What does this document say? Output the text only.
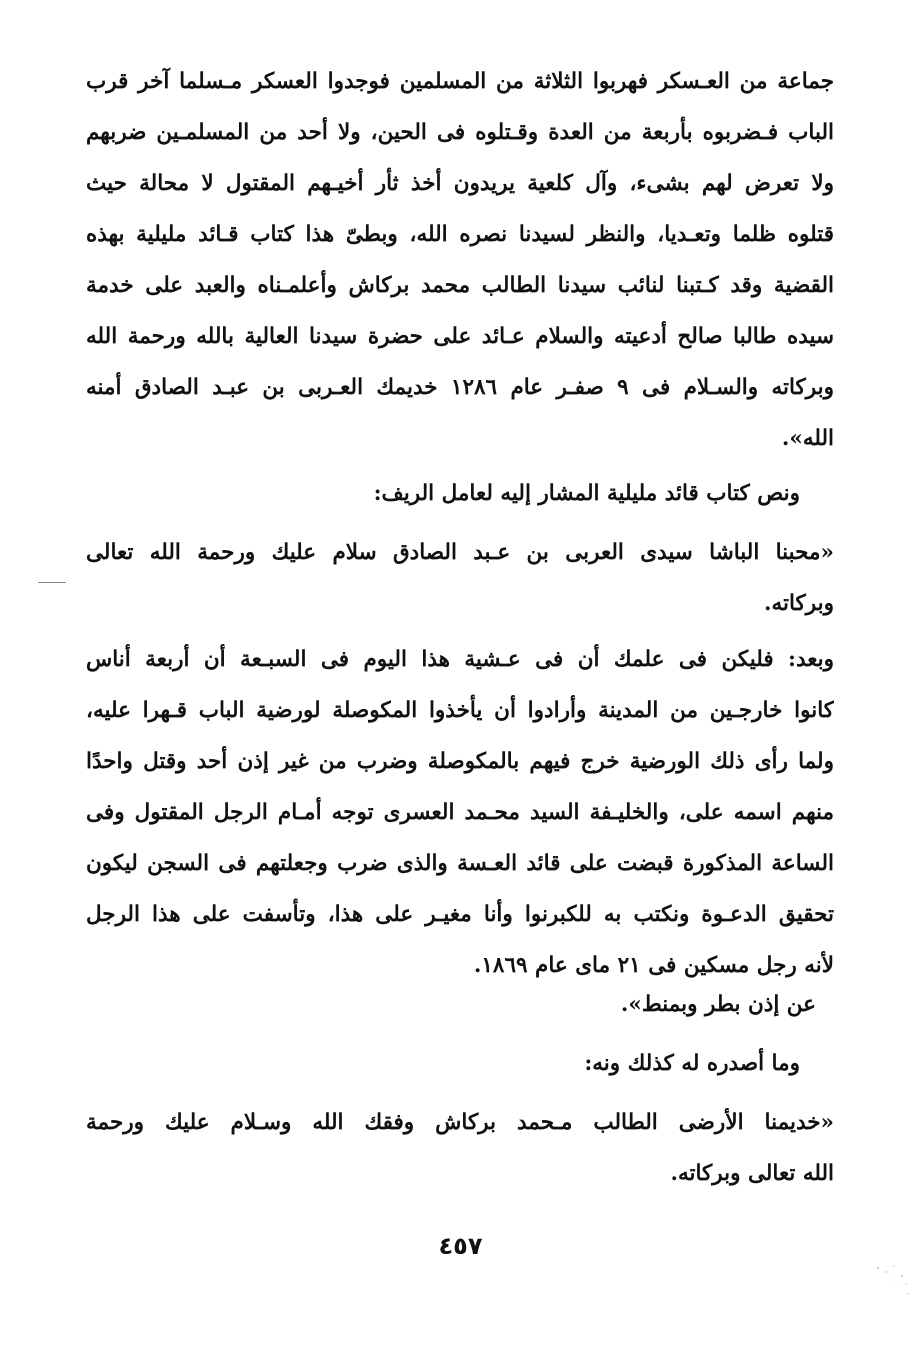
جماعة من العـسكر فهربوا الثلاثة من المسلمين فوجدوا العسكر مـسلما آخر قرب
الباب فـضربوه بأربعة من العدة وقـتلوه فى الحين، ولا أحد من المسلمـين ضربهم
ولا تعرض لهم بشىء، وآل كلعية يريدون أخذ ثأر أخيـهم المقتول لا محالة حيث
قتلوه ظلما وتعـديا، والنظر لسيدنا نصره الله، وبطىّ هذا كتاب قـائد مليلية بهذه
القضية وقد كـتبنا لنائب سيدنا الطالب محمد بركاش وأعلمـناه والعبد على خدمة
سيده طالبا صالح أدعيته والسلام عـائد على حضرة سيدنا العالية بالله ورحمة الله
وبركاته والسـلام فى ٩ صفـر عام ١٢٨٦ خديمك العـربى بن عبـد الصادق أمنه
الله».
ونص كتاب قائد مليلية المشار إليه لعامل الريف:
«محبنا الباشا سيدى العربى بن عـبد الصادق سلام عليك ورحمة الله تعالى
وبركاته.
وبعد: فليكن فى علمك أن فى عـشية هذا اليوم فى السبـعة أن أربعة أناس
كانوا خارجـين من المدينة وأرادوا أن يأخذوا المكوصلة لورضية الباب قـهرا عليه،
ولما رأى ذلك الورضية خرج فيهم بالمكوصلة وضرب من غير إذن أحد وقتل واحدًا
منهم اسمه على، والخليـفة السيد محـمد العسرى توجه أمـام الرجل المقتول وفى
الساعة المذكورة قبضت على قائد العـسة والذى ضرب وجعلتهم فى السجن ليكون
تحقيق الدعـوة ونكتب به للكبرنوا وأنا مغيـر على هذا، وتأسفت على هذا الرجل
لأنه رجل مسكين فى ٢١ ماى عام ١٨٦٩.
عن إذن بطر وبمنط».
وما أصدره له كذلك ونه:
«خديمنا الأرضى الطالب مـحمد بركاش وفقك الله وسـلام عليك ورحمة
الله تعالى وبركاته.
٤٥٧
